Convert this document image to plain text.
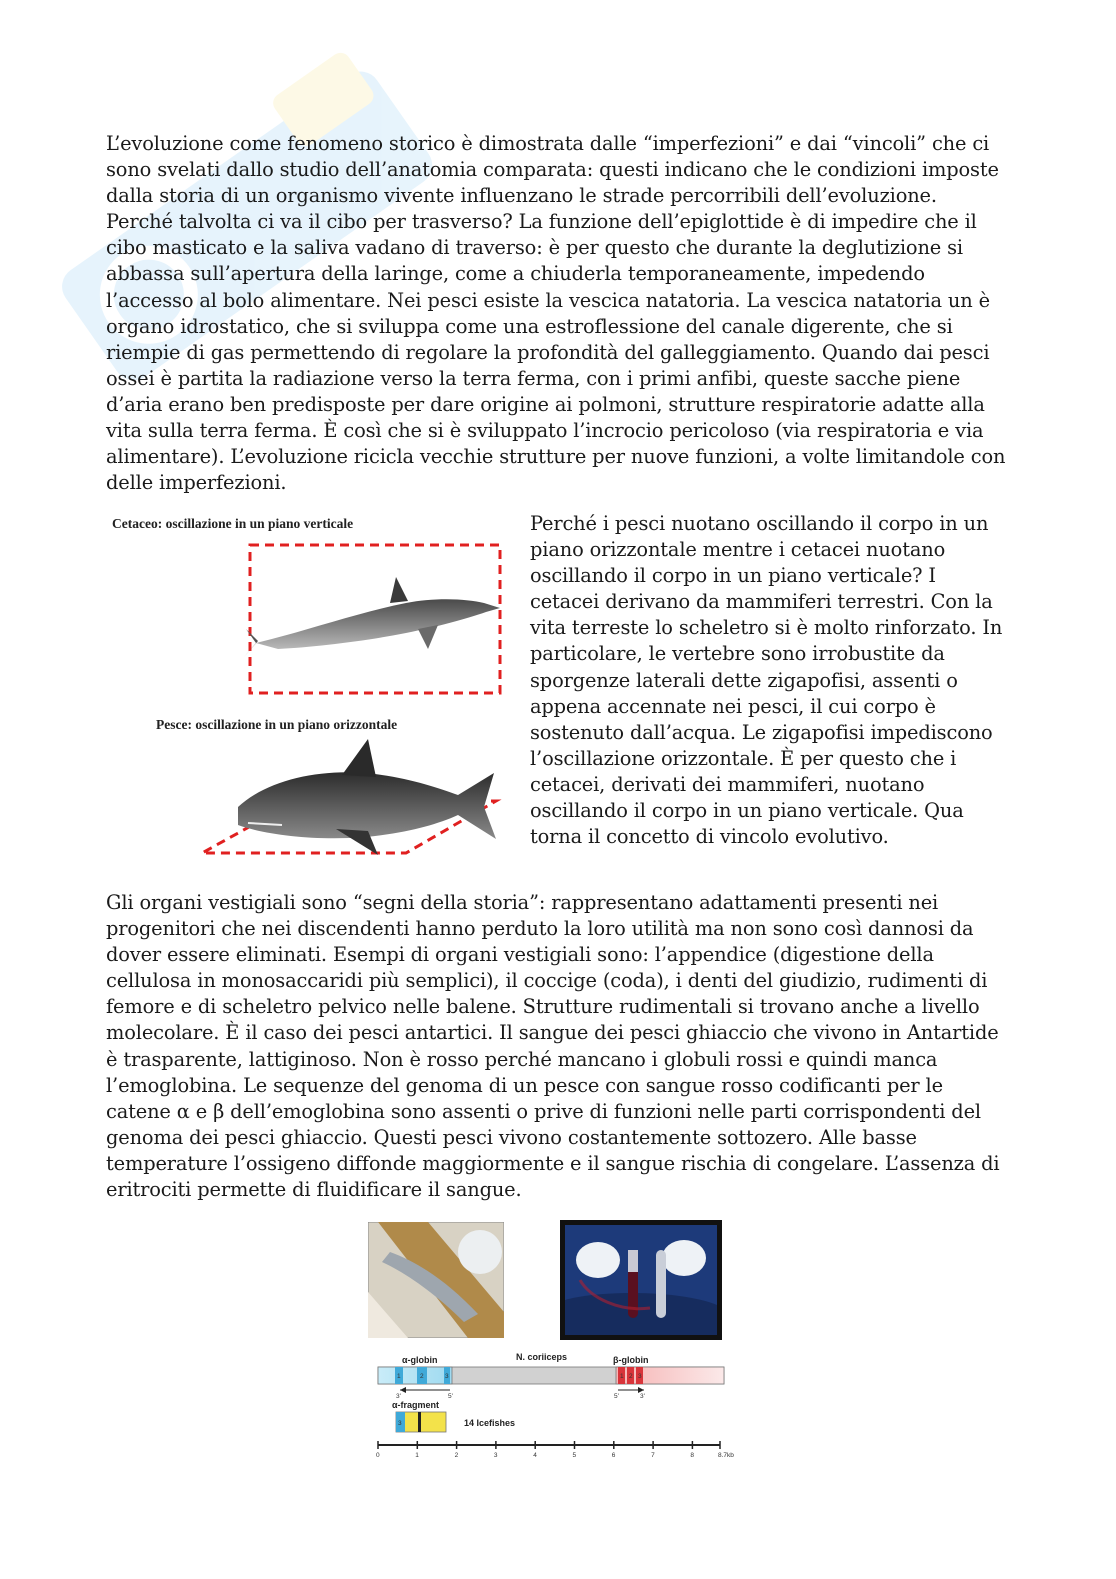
L’evoluzione come fenomeno storico è dimostrata dalle “imperfezioni” e dai “vincoli” che ci sono svelati dallo studio dell’anatomia comparata: questi indicano che le condizioni imposte dalla storia di un organismo vivente influenzano le strade percorribili dell’evoluzione. Perché talvolta ci va il cibo per trasverso? La funzione dell’epiglottide è di impedire che il cibo masticato e la saliva vadano di traverso: è per questo che durante la deglutizione si abbassa sull’apertura della laringe, come a chiuderla temporaneamente, impedendo l’accesso al bolo alimentare. Nei pesci esiste la vescica natatoria. La vescica natatoria un è organo idrostatico, che si sviluppa come una estroflessione del canale digerente, che si riempie di gas permettendo di regolare la profondità del galleggiamento. Quando dai pesci ossei è partita la radiazione verso la terra ferma, con i primi anfibi, queste sacche piene d’aria erano ben predisposte per dare origine ai polmoni, strutture respiratorie adatte alla vita sulla terra ferma. È così che si è sviluppato l’incrocio pericoloso (via respiratoria e via alimentare). L’evoluzione ricicla vecchie strutture per nuove funzioni, a volte limitandole con delle imperfezioni.

Cetaceo: oscillazione in un piano verticale
Pesce: oscillazione in un piano orizzontale

Perché i pesci nuotano oscillando il corpo in un piano orizzontale mentre i cetacei nuotano oscillando il corpo in un piano verticale? I cetacei derivano da mammiferi terrestri. Con la vita terreste lo scheletro si è molto rinforzato. In particolare, le vertebre sono irrobustite da sporgenze laterali dette zigapofisi, assenti o appena accennate nei pesci, il cui corpo è sostenuto dall’acqua. Le zigapofisi impediscono l’oscillazione orizzontale. È per questo che i cetacei, derivati dei mammiferi, nuotano oscillando il corpo in un piano verticale. Qua torna il concetto di vincolo evolutivo.

Gli organi vestigiali sono “segni della storia”: rappresentano adattamenti presenti nei progenitori che nei discendenti hanno perduto la loro utilità ma non sono così dannosi da dover essere eliminati. Esempi di organi vestigiali sono: l’appendice (digestione della cellulosa in monosaccaridi più semplici), il coccige (coda), i denti del giudizio, rudimenti di femore e di scheletro pelvico nelle balene. Strutture rudimentali si trovano anche a livello molecolare. È il caso dei pesci antartici. Il sangue dei pesci ghiaccio che vivono in Antartide è trasparente, lattiginoso. Non è rosso perché mancano i globuli rossi e quindi manca l’emoglobina. Le sequenze del genoma di un pesce con sangue rosso codificanti per le catene α e β dell’emoglobina sono assenti o prive di funzioni nelle parti corrispondenti del genoma dei pesci ghiaccio. Questi pesci vivono costantemente sottozero. Alle basse temperature l’ossigeno diffonde maggiormente e il sangue rischia di congelare. L’assenza di eritrociti permette di fluidificare il sangue.

N. coriiceps
α-globin	β-globin
1	2	3	1 2 3
3'	5'	5'	3'
α-fragment
3	14 Icefishes
0	1	2	3	4	5	6	7	8	8.7kb
